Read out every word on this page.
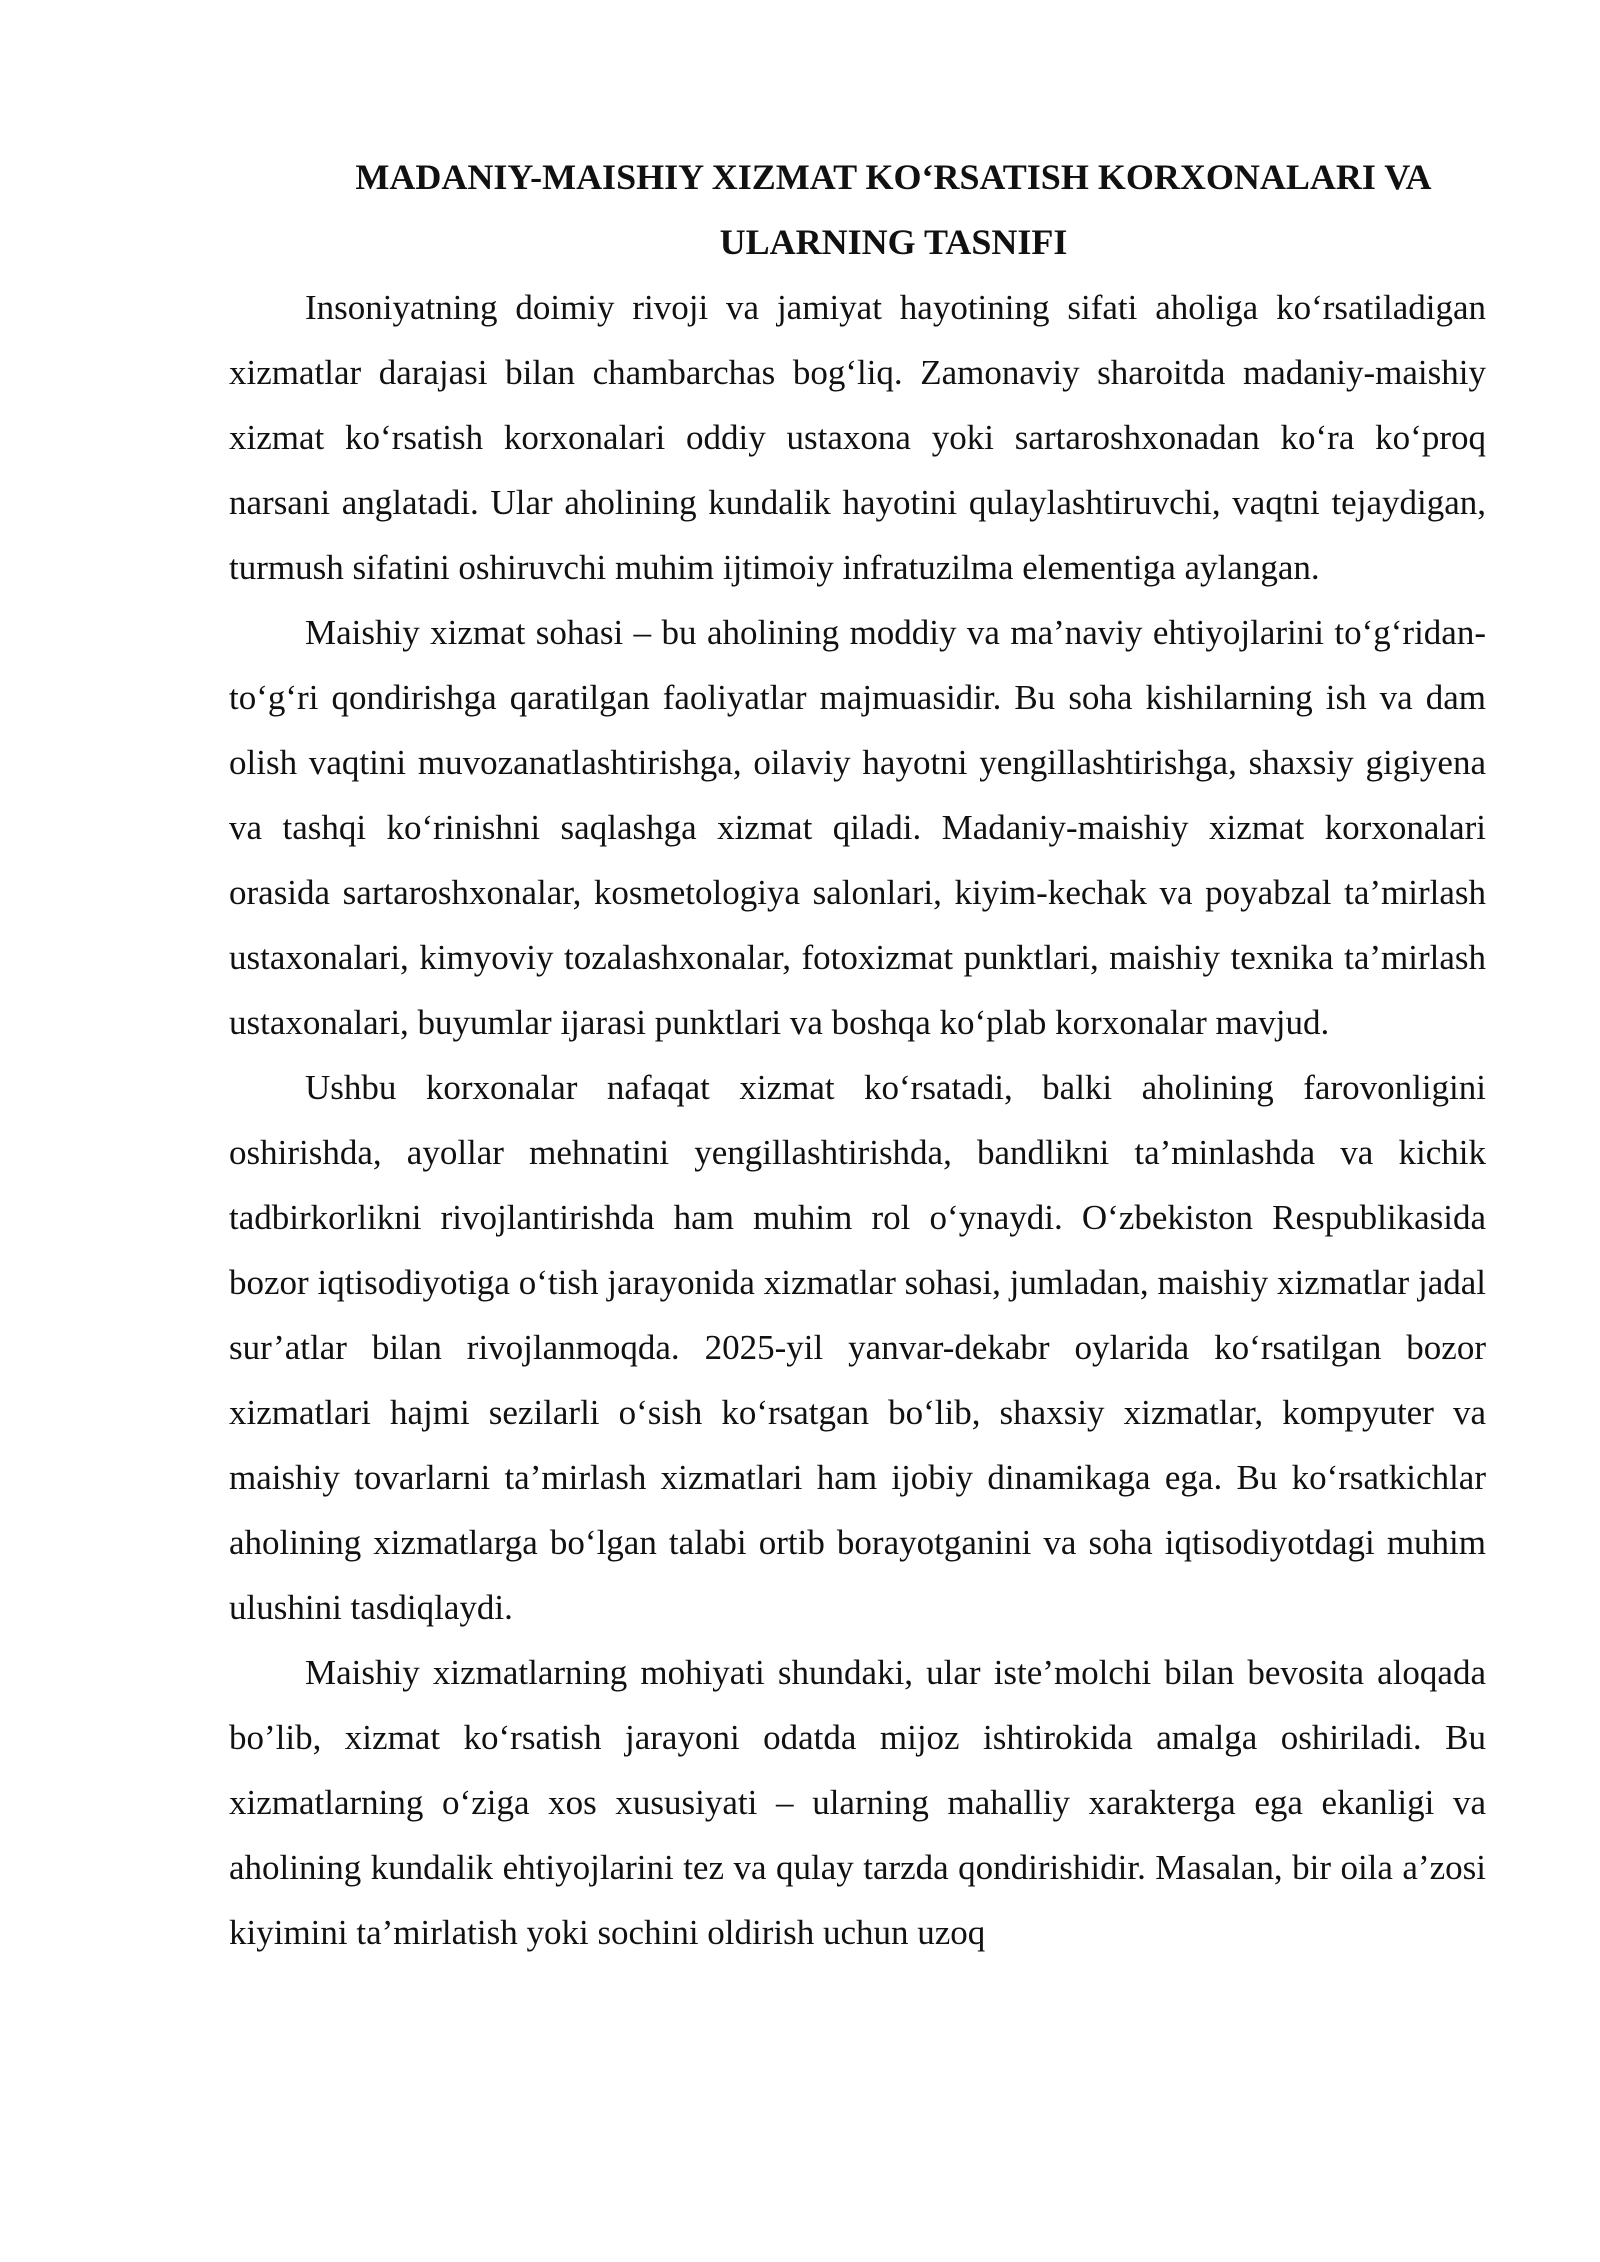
MADANIY-MAISHIY XIZMAT KO‘RSATISH KORXONALARI VA
ULARNING TASNIFI

Insoniyatning doimiy rivoji va jamiyat hayotining sifati aholiga ko‘rsatiladigan xizmatlar darajasi bilan chambarchas bog‘liq. Zamonaviy sharoitda madaniy-maishiy xizmat ko‘rsatish korxonalari oddiy ustaxona yoki sartaroshxonadan ko‘ra ko‘proq narsani anglatadi. Ular aholining kundalik hayotini qulaylashtiruvchi, vaqtni tejaydigan, turmush sifatini oshiruvchi muhim ijtimoiy infratuzilma elementiga aylangan.

Maishiy xizmat sohasi – bu aholining moddiy va ma’naviy ehtiyojlarini to‘g‘ridan-to‘g‘ri qondirishga qaratilgan faoliyatlar majmuasidir. Bu soha kishilarning ish va dam olish vaqtini muvozanatlashtirishga, oilaviy hayotni yengillashtirishga, shaxsiy gigiyena va tashqi ko‘rinishni saqlashga xizmat qiladi. Madaniy-maishiy xizmat korxonalari orasida sartaroshxonalar, kosmetologiya salonlari, kiyim-kechak va poyabzal ta’mirlash ustaxonalari, kimyoviy tozalashxonalar, fotoxizmat punktlari, maishiy texnika ta’mirlash ustaxonalari, buyumlar ijarasi punktlari va boshqa ko‘plab korxonalar mavjud.

Ushbu korxonalar nafaqat xizmat ko‘rsatadi, balki aholining farovonligini oshirishda, ayollar mehnatini yengillashtirishda, bandlikni ta’minlashda va kichik tadbirkorlikni rivojlantirishda ham muhim rol o‘ynaydi. O‘zbekiston Respublikasida bozor iqtisodiyotiga o‘tish jarayonida xizmatlar sohasi, jumladan, maishiy xizmatlar jadal sur’atlar bilan rivojlanmoqda. 2025-yil yanvar-dekabr oylarida ko‘rsatilgan bozor xizmatlari hajmi sezilarli o‘sish ko‘rsatgan bo‘lib, shaxsiy xizmatlar, kompyuter va maishiy tovarlarni ta’mirlash xizmatlari ham ijobiy dinamikaga ega. Bu ko‘rsatkichlar aholining xizmatlarga bo‘lgan talabi ortib borayotganini va soha iqtisodiyotdagi muhim ulushini tasdiqlaydi.

Maishiy xizmatlarning mohiyati shundaki, ular iste’molchi bilan bevosita aloqada bo’lib, xizmat ko‘rsatish jarayoni odatda mijoz ishtirokida amalga oshiriladi. Bu xizmatlarning o‘ziga xos xususiyati – ularning mahalliy xarakterga ega ekanligi va aholining kundalik ehtiyojlarini tez va qulay tarzda qondirishidir. Masalan, bir oila a’zosi kiyimini ta’mirlatish yoki sochini oldirish uchun uzoq
